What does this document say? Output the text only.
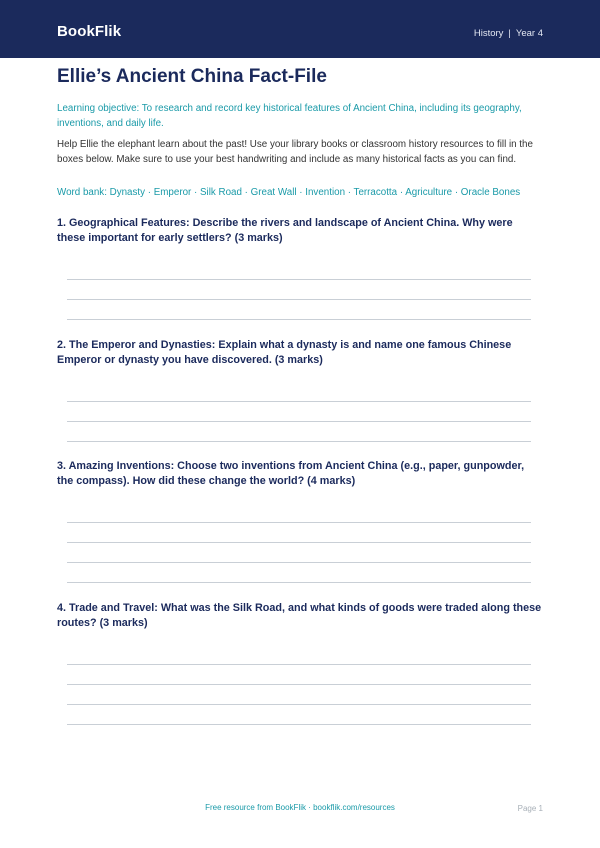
BookFlik	History | Year 4
Ellie’s Ancient China Fact-File

Learning objective: To research and record key historical features of Ancient China, including its geography, inventions, and daily life.

Help Ellie the elephant learn about the past! Use your library books or classroom history resources to fill in the boxes below. Make sure to use your best handwriting and include as many historical facts as you can find.

Word bank: Dynasty · Emperor · Silk Road · Great Wall · Invention · Terracotta · Agriculture · Oracle Bones

1. Geographical Features: Describe the rivers and landscape of Ancient China. Why were these important for early settlers? (3 marks)

2. The Emperor and Dynasties: Explain what a dynasty is and name one famous Chinese Emperor or dynasty you have discovered. (3 marks)

3. Amazing Inventions: Choose two inventions from Ancient China (e.g., paper, gunpowder, the compass). How did these change the world? (4 marks)

4. Trade and Travel: What was the Silk Road, and what kinds of goods were traded along these routes? (3 marks)

Free resource from BookFlik · bookflik.com/resources	Page 1
